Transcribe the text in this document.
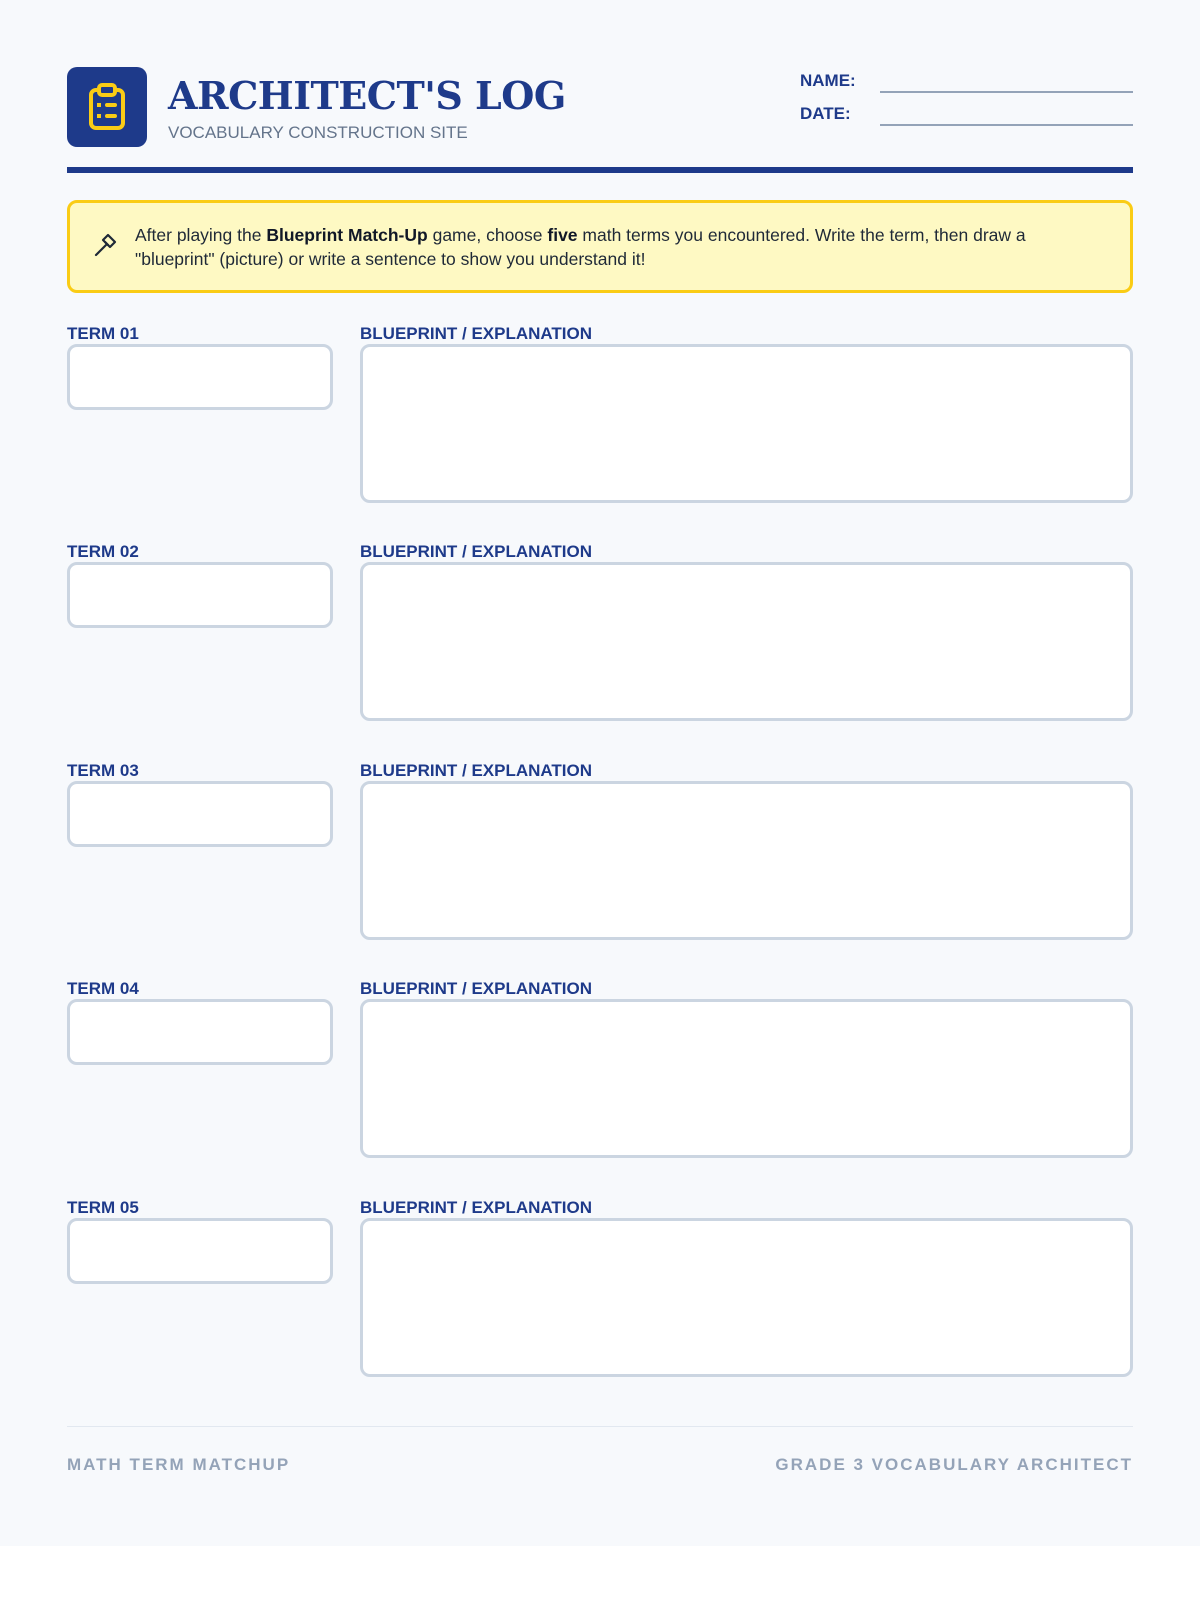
ARCHITECT'S LOG
VOCABULARY CONSTRUCTION SITE
NAME:
DATE:

After playing the Blueprint Match-Up game, choose five math terms you encountered. Write the term, then draw a "blueprint" (picture) or write a sentence to show you understand it!

TERM 01	BLUEPRINT / EXPLANATION
TERM 02	BLUEPRINT / EXPLANATION
TERM 03	BLUEPRINT / EXPLANATION
TERM 04	BLUEPRINT / EXPLANATION
TERM 05	BLUEPRINT / EXPLANATION
MATH TERM MATCHUP	GRADE 3 VOCABULARY ARCHITECT
